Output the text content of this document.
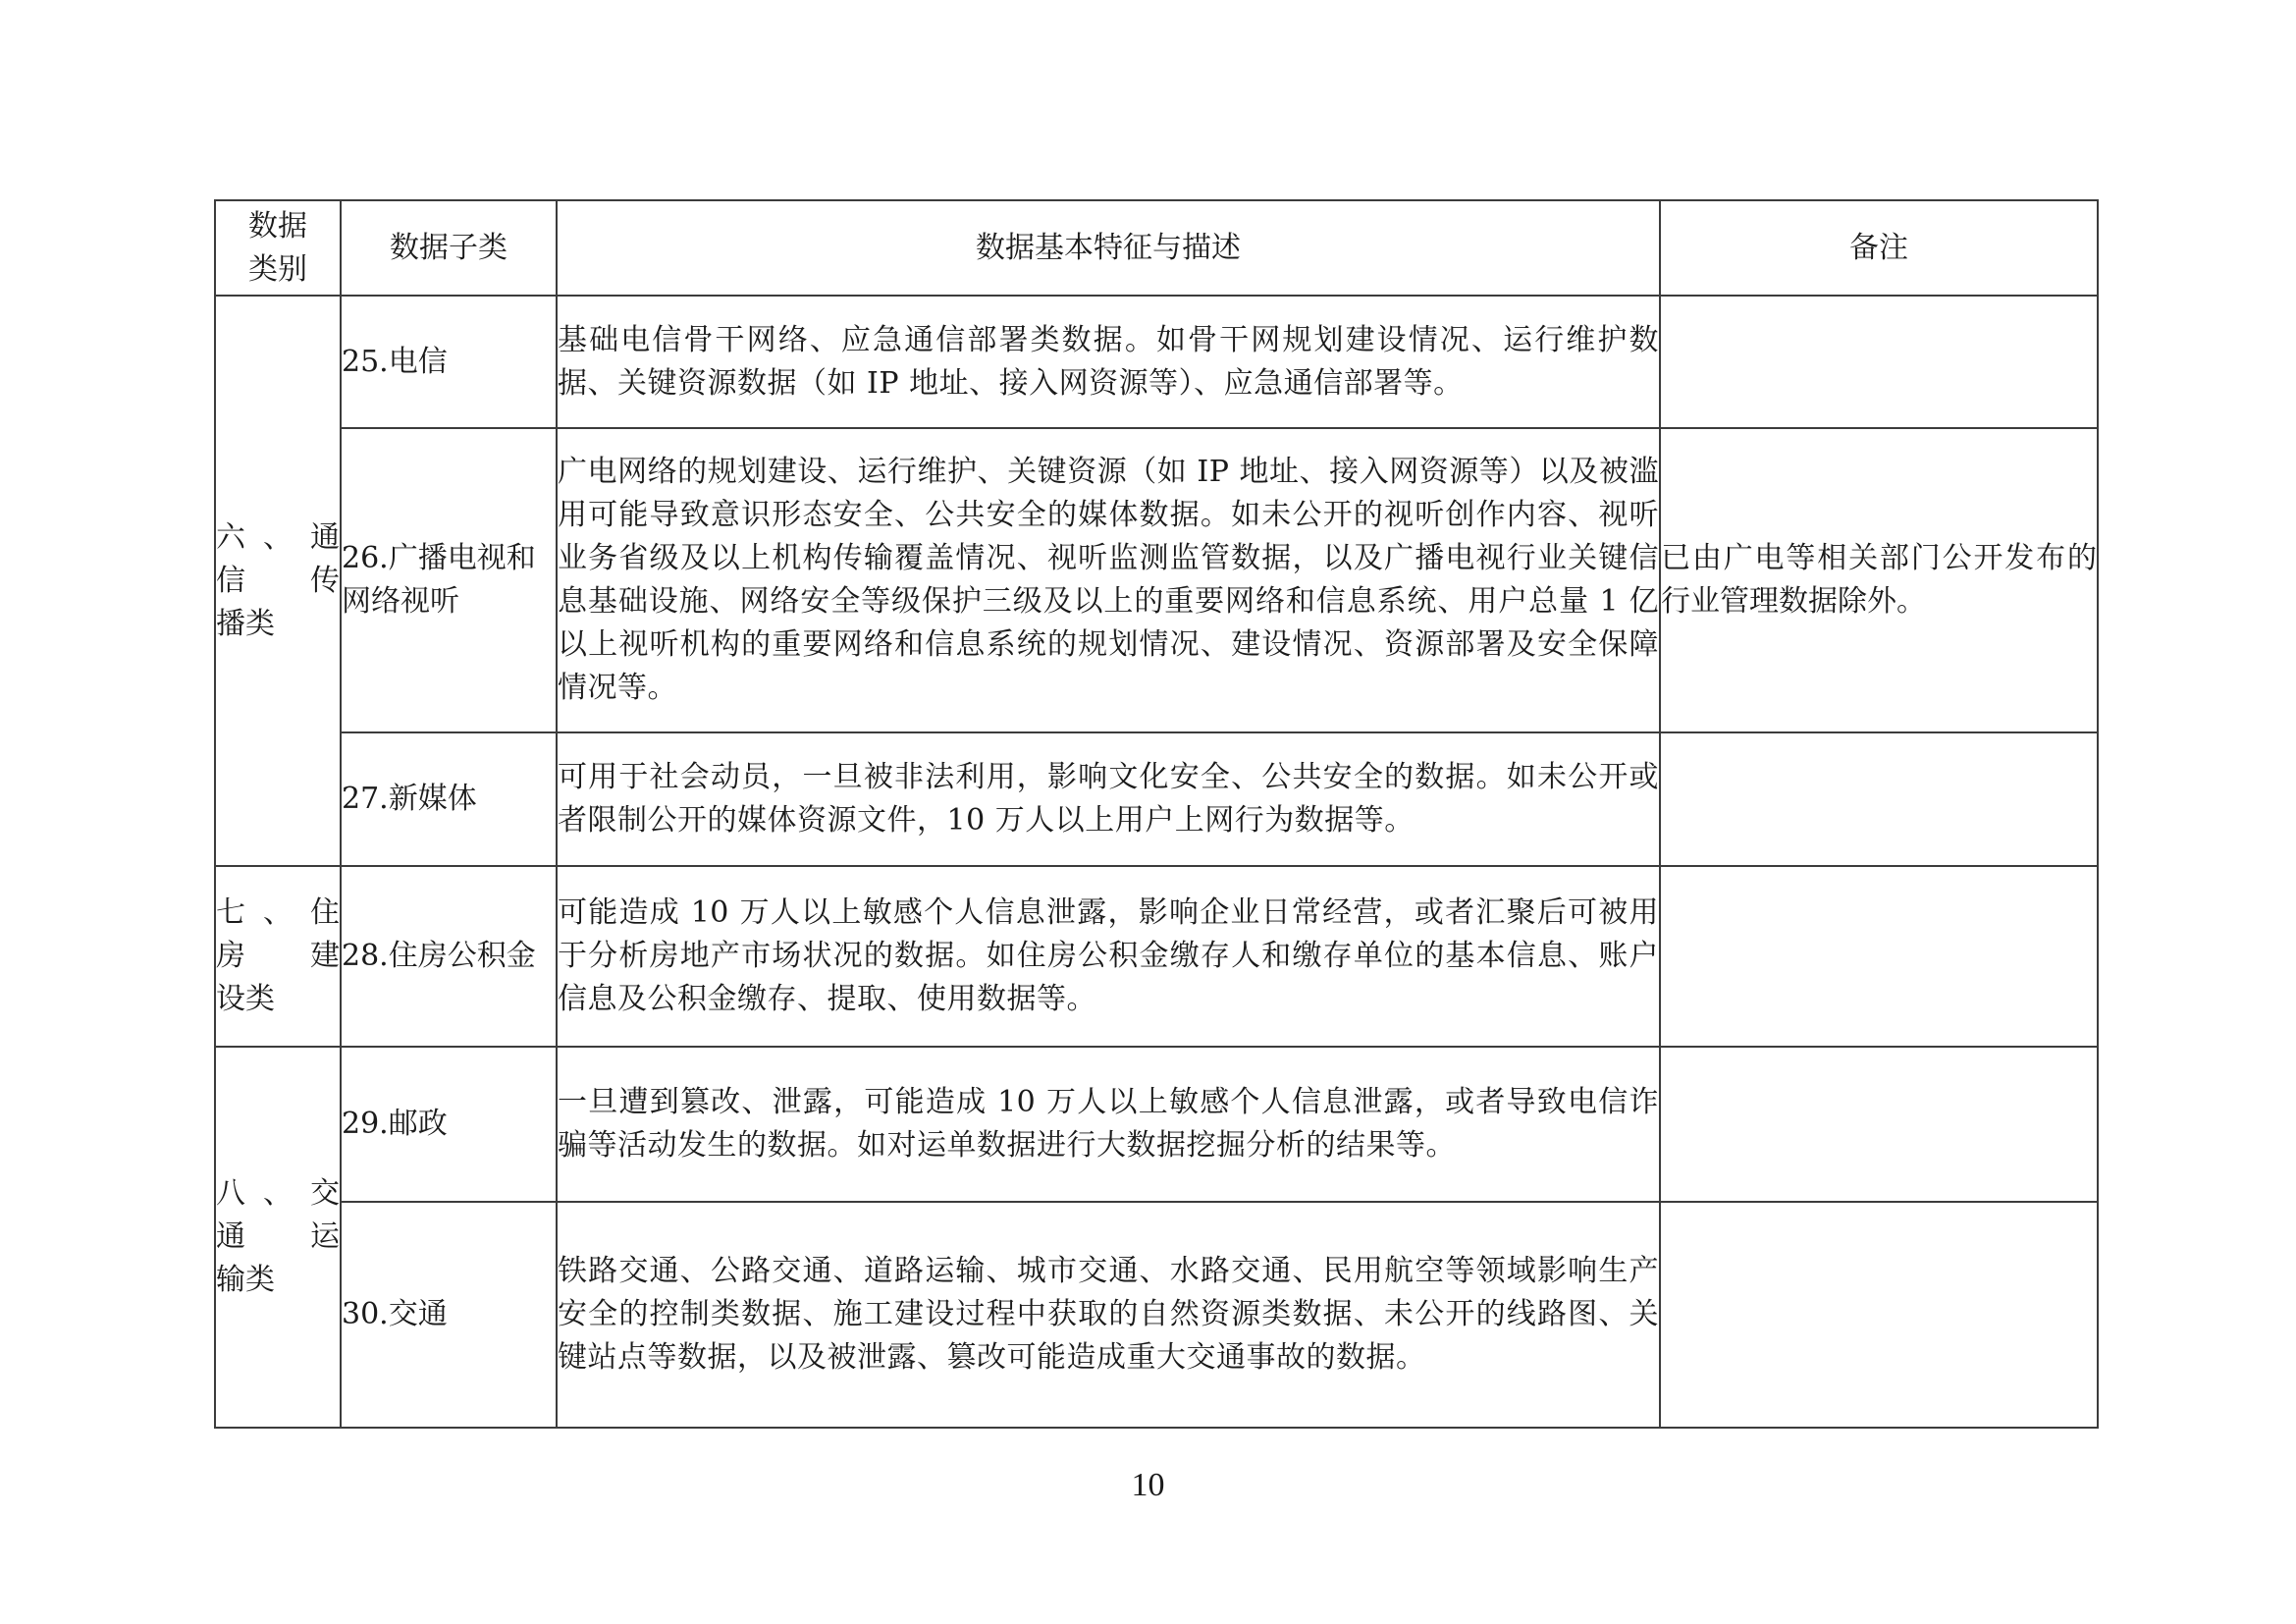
数据
类别	数据子类	数据基本特征与描述	备注

六、通
信 传
播类	25.电信	基础电信骨干网络、应急通信部署类数据。如骨干网规划建设情况、运行维护数据、关键资源数据（如 IP 地址、接入网资源等）、应急通信部署等。	
	26.广播电视和网络视听	广电网络的规划建设、运行维护、关键资源（如 IP 地址、接入网资源等）以及被滥用可能导致意识形态安全、公共安全的媒体数据。如未公开的视听创作内容、视听业务省级及以上机构传输覆盖情况、视听监测监管数据，以及广播电视行业关键信息基础设施、网络安全等级保护三级及以上的重要网络和信息系统、用户总量 1 亿以上视听机构的重要网络和信息系统的规划情况、建设情况、资源部署及安全保障情况等。	已由广电等相关部门公开发布的行业管理数据除外。
	27.新媒体	可用于社会动员，一旦被非法利用，影响文化安全、公共安全的数据。如未公开或者限制公开的媒体资源文件，10 万人以上用户上网行为数据等。	

七、住
房 建
设类	28.住房公积金	可能造成 10 万人以上敏感个人信息泄露，影响企业日常经营，或者汇聚后可被用于分析房地产市场状况的数据。如住房公积金缴存人和缴存单位的基本信息、账户信息及公积金缴存、提取、使用数据等。	

八、交
通 运
输类	29.邮政	一旦遭到篡改、泄露，可能造成 10 万人以上敏感个人信息泄露，或者导致电信诈骗等活动发生的数据。如对运单数据进行大数据挖掘分析的结果等。	
	30.交通	铁路交通、公路交通、道路运输、城市交通、水路交通、民用航空等领域影响生产安全的控制类数据、施工建设过程中获取的自然资源类数据、未公开的线路图、关键站点等数据，以及被泄露、篡改可能造成重大交通事故的数据。	
10
